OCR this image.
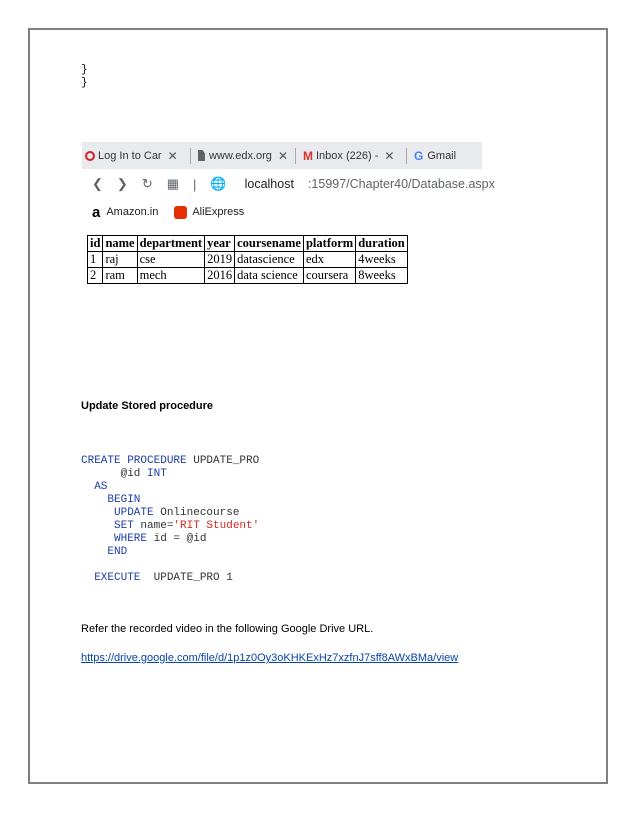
}
}
Log In to Car ✕	www.edx.org ✕ M Inbox (226) - ✕ G Gmail
❮ ❯ ↻ ▦ | 🌐 localhost :15997/Chapter40/Database.aspx
a Amazon.in	AliExpress
id	name	department	year	coursename	platform	duration
1	raj	cse	2019	datascience	edx	4weeks
2	ram	mech	2016	data science	coursera	8weeks
Update Stored procedure
CREATE PROCEDURE UPDATE_PRO
@id INT
AS
BEGIN
UPDATE Onlinecourse
SET name='RIT Student'
WHERE id = @id
END

EXECUTE  UPDATE_PRO 1
Refer the recorded video in the following Google Drive URL.
https://drive.google.com/file/d/1p1z0Oy3oKHKExHz7xzfnJ7sff8AWxBMa/view
